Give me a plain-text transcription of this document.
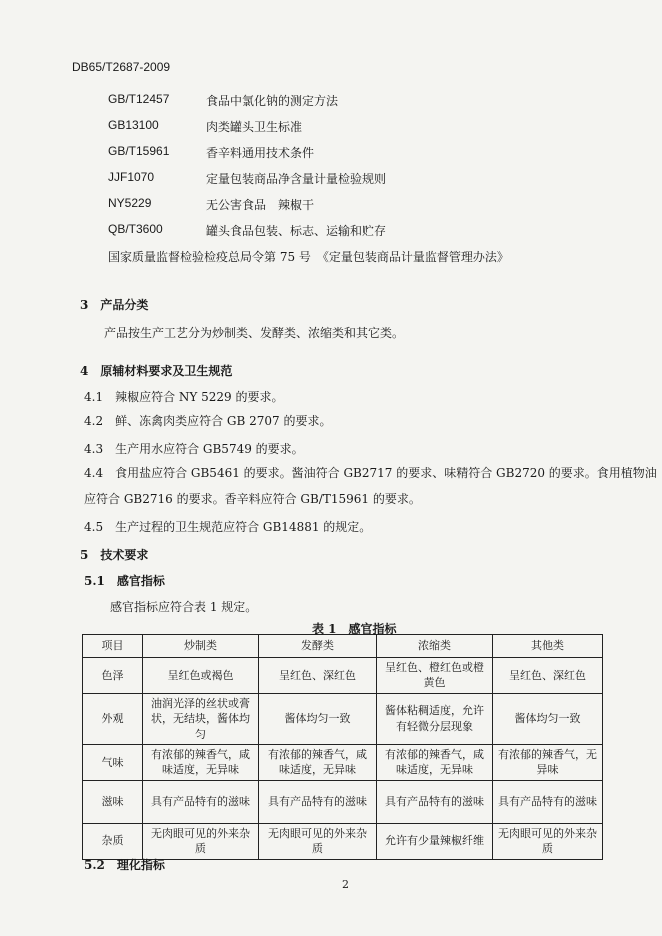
DB65/T2687-2009
GB/T12457	食品中氯化钠的测定方法
GB13100	肉类罐头卫生标准
GB/T15961	香辛料通用技术条件
JJF1070	定量包装商品净含量计量检验规则
NY5229	无公害食品　辣椒干
QB/T3600	罐头食品包装、标志、运输和贮存
国家质量监督检验检疫总局令第 75 号　《定量包装商品计量监督管理办法》
3　产品分类
产品按生产工艺分为炒制类、发酵类、浓缩类和其它类。
4　原辅材料要求及卫生规范
4.1　辣椒应符合 NY 5229 的要求。
4.2　鲜、冻禽肉类应符合 GB 2707 的要求。
4.3　生产用水应符合 GB5749 的要求。
4.4　食用盐应符合 GB5461 的要求。酱油符合 GB2717 的要求、味精符合 GB2720 的要求。食用植物油
应符合 GB2716 的要求。香辛料应符合 GB/T15961 的要求。
4.5　生产过程的卫生规范应符合 GB14881 的规定。
5　技术要求
5.1　感官指标
感官指标应符合表 1 规定。
表 1　感官指标
项目	炒制类	发酵类	浓缩类	其他类
色泽	呈红色或褐色	呈红色、深红色	呈红色、橙红色或橙黄色	呈红色、深红色
外观	油润光泽的丝状或膏状，无结块，酱体均匀	酱体均匀一致	酱体粘稠适度，允许有轻微分层现象	酱体均匀一致
气味	有浓郁的辣香气，咸味适度，无异味	有浓郁的辣香气，咸味适度，无异味	有浓郁的辣香气，咸味适度，无异味	有浓郁的辣香气，无异味
滋味	具有产品特有的滋味	具有产品特有的滋味	具有产品特有的滋味	具有产品特有的滋味
杂质	无肉眼可见的外来杂质	无肉眼可见的外来杂质	允许有少量辣椒纤维	无肉眼可见的外来杂质
5.2　理化指标
2
